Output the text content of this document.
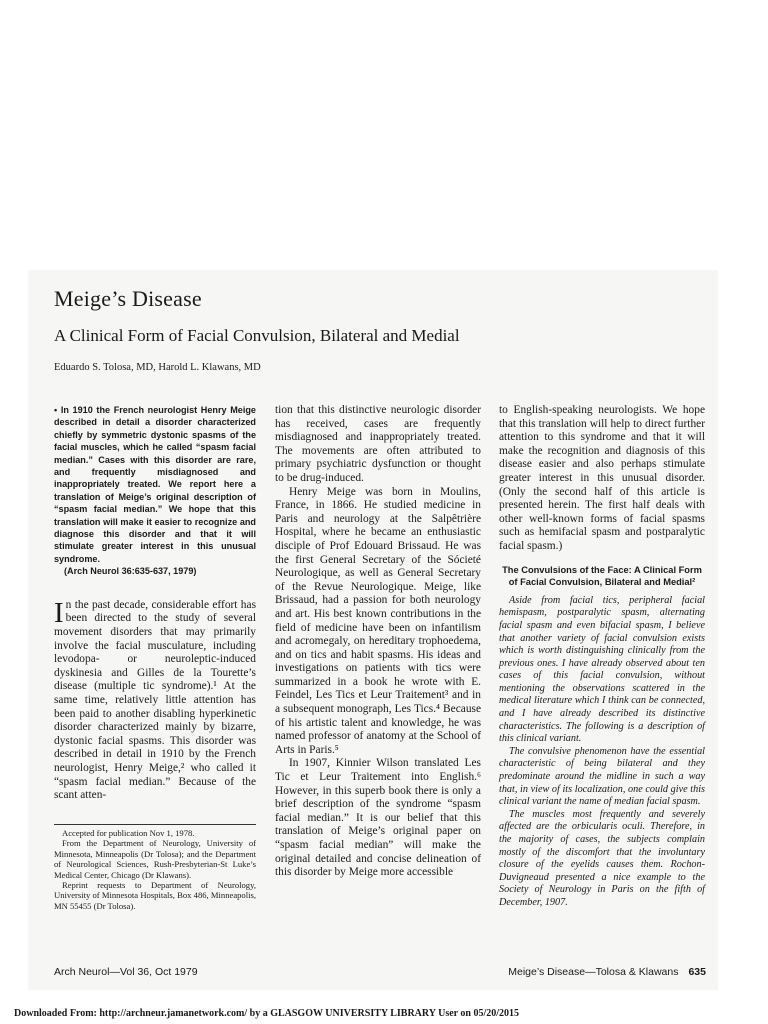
Meige’s Disease
A Clinical Form of Facial Convulsion, Bilateral and Medial

Eduardo S. Tolosa, MD, Harold L. Klawans, MD

• In 1910 the French neurologist Henry Meige described in detail a disorder characterized chiefly by symmetric dystonic spasms of the facial muscles, which he called “spasm facial median.” Cases with this disorder are rare, and frequently misdiagnosed and inappropriately treated. We report here a translation of Meige’s original description of “spasm facial median.” We hope that this translation will make it easier to recognize and diagnose this disorder and that it will stimulate greater interest in this unusual syndrome.

(Arch Neurol 36:635-637, 1979)

In the past decade, considerable effort has been directed to the study of several movement disorders that may primarily involve the facial musculature, including levodopa- or neuroleptic-induced dyskinesia and Gilles de la Tourette’s disease (multiple tic syndrome).¹ At the same time, relatively little attention has been paid to another disabling hyperkinetic disorder characterized mainly by bizarre, dystonic facial spasms. This disorder was described in detail in 1910 by the French neurologist, Henry Meige,² who called it “spasm facial median.” Because of the scant atten-

Accepted for publication Nov 1, 1978.

From the Department of Neurology, University of Minnesota, Minneapolis (Dr Tolosa); and the Department of Neurological Sciences, Rush-Presbyterian-St Luke’s Medical Center, Chicago (Dr Klawans).

Reprint requests to Department of Neurology, University of Minnesota Hospitals, Box 486, Minneapolis, MN 55455 (Dr Tolosa).

tion that this distinctive neurologic disorder has received, cases are frequently misdiagnosed and inappropriately treated. The movements are often attributed to primary psychiatric dysfunction or thought to be drug-induced.

Henry Meige was born in Moulins, France, in 1866. He studied medicine in Paris and neurology at the Salpêtrière Hospital, where he became an enthusiastic disciple of Prof Edouard Brissaud. He was the first General Secretary of the Sócieté Neurologique, as well as General Secretary of the Revue Neurologique. Meige, like Brissaud, had a passion for both neurology and art. His best known contributions in the field of medicine have been on infantilism and acromegaly, on hereditary trophoedema, and on tics and habit spasms. His ideas and investigations on patients with tics were summarized in a book he wrote with E. Feindel, Les Tics et Leur Traitement³ and in a subsequent monograph, Les Tics.⁴ Because of his artistic talent and knowledge, he was named professor of anatomy at the School of Arts in Paris.⁵

In 1907, Kinnier Wilson translated Les Tic et Leur Traitement into English.⁶ However, in this superb book there is only a brief description of the syndrome “spasm facial median.” It is our belief that this translation of Meige’s original paper on “spasm facial median” will make the original detailed and concise delineation of this disorder by Meige more accessible

to English-speaking neurologists. We hope that this translation will help to direct further attention to this syndrome and that it will make the recognition and diagnosis of this disease easier and also perhaps stimulate greater interest in this unusual disorder. (Only the second half of this article is presented herein. The first half deals with other well-known forms of facial spasms such as hemifacial spasm and postparalytic facial spasm.)

The Convulsions of the Face: A Clinical Form of Facial Convulsion, Bilateral and Medial²

Aside from facial tics, peripheral facial hemispasm, postparalytic spasm, alternating facial spasm and even bifacial spasm, I believe that another variety of facial convulsion exists which is worth distinguishing clinically from the previous ones. I have already observed about ten cases of this facial convulsion, without mentioning the observations scattered in the medical literature which I think can be connected, and I have already described its distinctive characteristics. The following is a description of this clinical variant.

The convulsive phenomenon have the essential characteristic of being bilateral and they predominate around the midline in such a way that, in view of its localization, one could give this clinical variant the name of median facial spasm.

The muscles most frequently and severely affected are the orbicularis oculi. Therefore, in the majority of cases, the subjects complain mostly of the discomfort that the involuntary closure of the eyelids causes them. Rochon-Duvigneaud presented a nice example to the Society of Neurology in Paris on the fifth of December, 1907.

Arch Neurol—Vol 36, Oct 1979	Meige’s Disease—Tolosa & Klawans 635
Downloaded From: http://archneur.jamanetwork.com/ by a GLASGOW UNIVERSITY LIBRARY User on 05/20/2015
